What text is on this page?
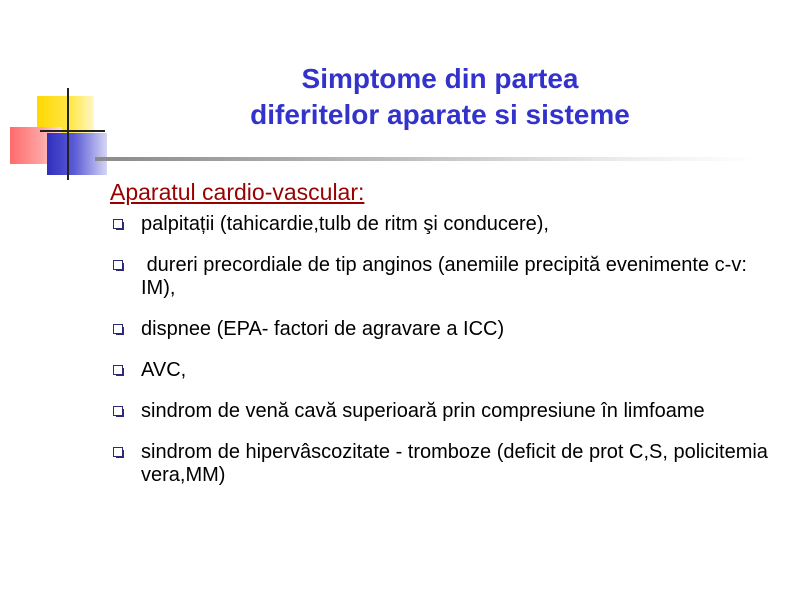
Simptome din partea
diferitelor aparate si sisteme
Aparatul cardio-vascular:
palpitații (tahicardie,tulb de ritm şi conducere),
dureri precordiale de tip anginos (anemiile precipită evenimente c-v: IM),
dispnee (EPA- factori de agravare a ICC)
AVC,
sindrom de venă cavă superioară prin compresiune în limfoame
sindrom de hipervâscozitate - tromboze (deficit de prot C,S, policitemia vera,MM)
